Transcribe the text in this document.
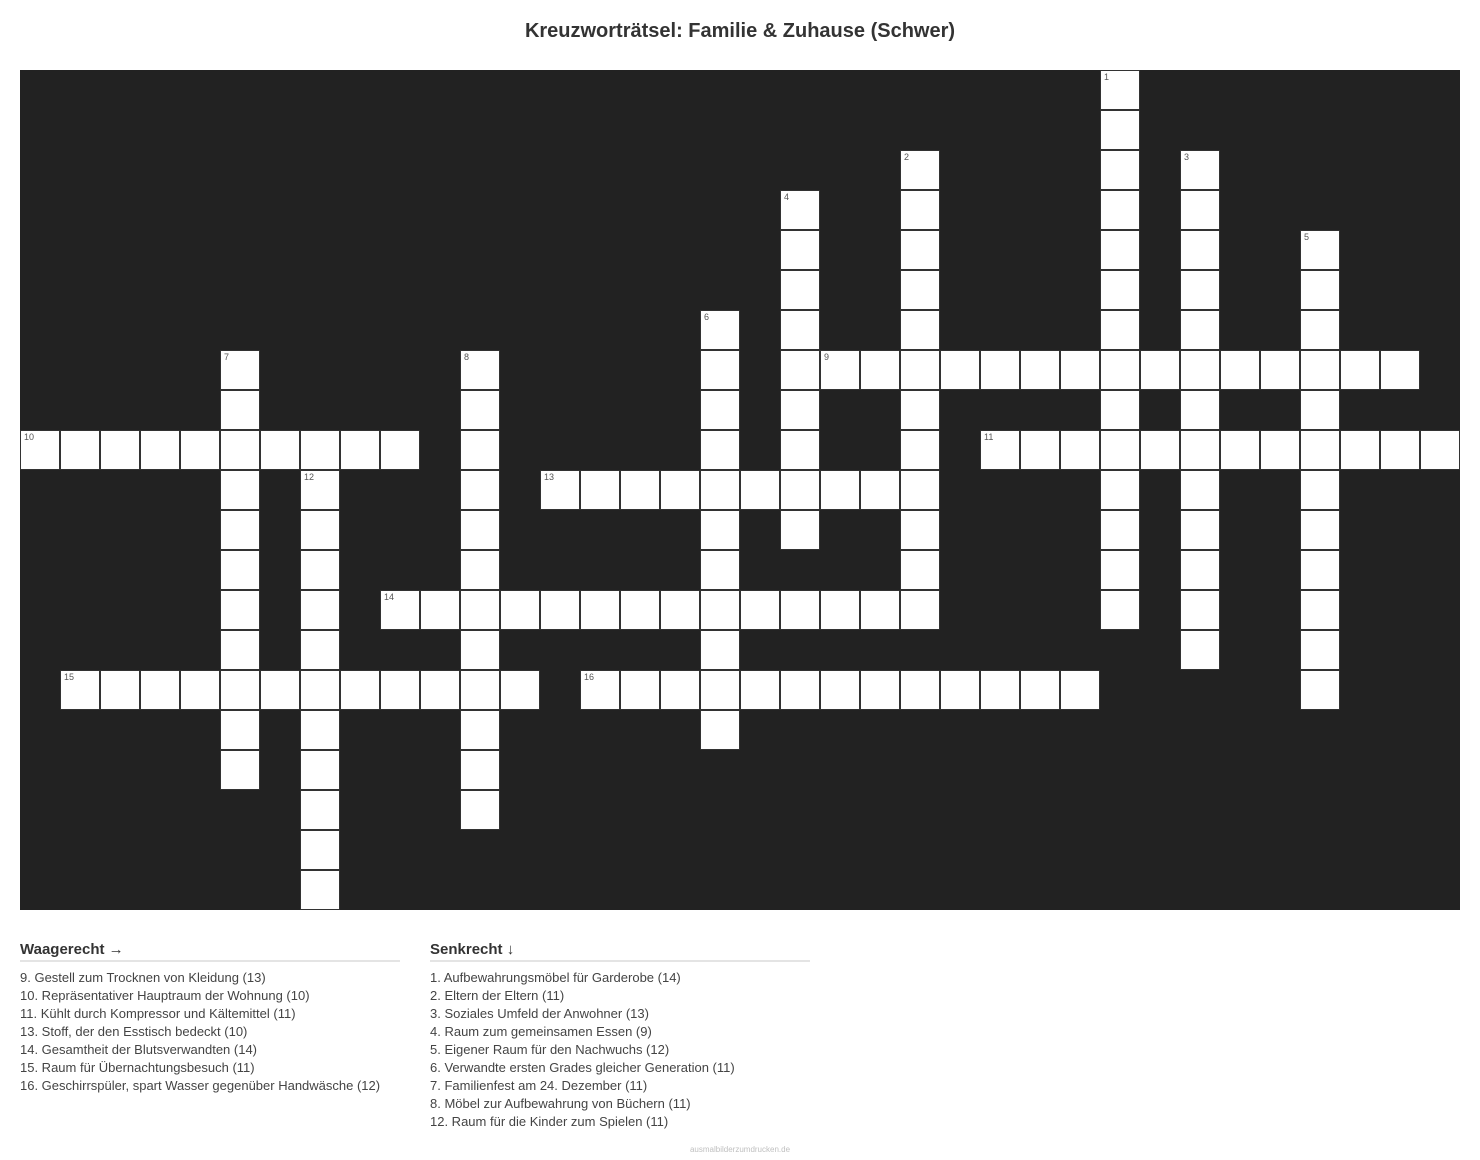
Kreuzworträtsel: Familie & Zuhause (Schwer)
1
2	3
4
5
6
7	8	9
10	11
12	13
14
15	16
Waagerecht →
9. Gestell zum Trocknen von Kleidung (13)
10. Repräsentativer Hauptraum der Wohnung (10)
11. Kühlt durch Kompressor und Kältemittel (11)
13. Stoff, der den Esstisch bedeckt (10)
14. Gesamtheit der Blutsverwandten (14)
15. Raum für Übernachtungsbesuch (11)
16. Geschirrspüler, spart Wasser gegenüber Handwäsche (12)
Senkrecht ↓
1. Aufbewahrungsmöbel für Garderobe (14)
2. Eltern der Eltern (11)
3. Soziales Umfeld der Anwohner (13)
4. Raum zum gemeinsamen Essen (9)
5. Eigener Raum für den Nachwuchs (12)
6. Verwandte ersten Grades gleicher Generation (11)
7. Familienfest am 24. Dezember (11)
8. Möbel zur Aufbewahrung von Büchern (11)
12. Raum für die Kinder zum Spielen (11)
ausmalbilderzumdrucken.de
